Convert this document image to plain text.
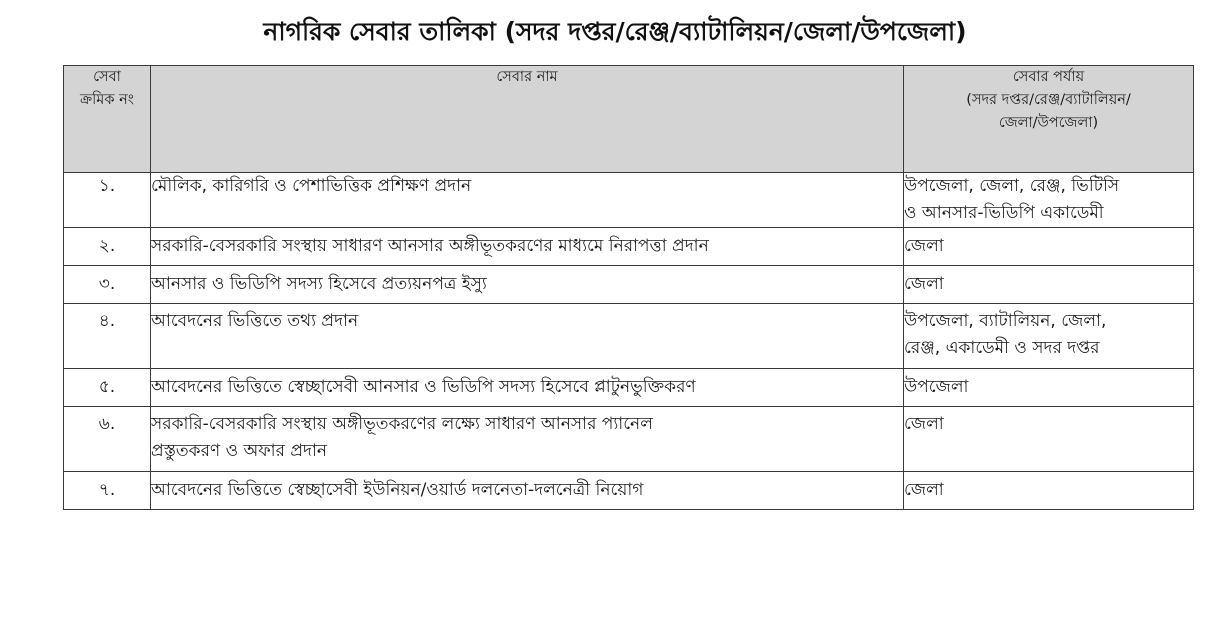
নাগরিক সেবার তালিকা (সদর দপ্তর/রেঞ্জ/ব্যাটালিয়ন/জেলা/উপজেলা)
সেবা
ক্রমিক নং	সেবার নাম	সেবার পর্যায়
(সদর দপ্তর/রেঞ্জ/ব্যাটালিয়ন/
জেলা/উপজেলা)

১.	মৌলিক, কারিগরি ও পেশাভিত্তিক প্রশিক্ষণ প্রদান	উপজেলা, জেলা, রেঞ্জ, ভিটিসি
ও আনসার-ভিডিপি একাডেমী

২.	সরকারি-বেসরকারি সংস্থায় সাধারণ আনসার অঙ্গীভূতকরণের মাধ্যমে নিরাপত্তা প্রদান	জেলা

৩.	আনসার ও ভিডিপি সদস্য হিসেবে প্রত্যয়নপত্র ইস্যু	জেলা

৪.	আবেদনের ভিত্তিতে তথ্য প্রদান	উপজেলা, ব্যাটালিয়ন, জেলা,
রেঞ্জ, একাডেমী ও সদর দপ্তর

৫.	আবেদনের ভিত্তিতে স্বেচ্ছাসেবী আনসার ও ভিডিপি সদস্য হিসেবে প্লাটুনভুক্তিকরণ	উপজেলা

৬.	সরকারি-বেসরকারি সংস্থায় অঙ্গীভূতকরণের লক্ষ্যে সাধারণ আনসার প্যানেল
প্রস্তুতকরণ ও অফার প্রদান	জেলা

৭.	আবেদনের ভিত্তিতে স্বেচ্ছাসেবী ইউনিয়ন/ওয়ার্ড দলনেতা-দলনেত্রী নিয়োগ	জেলা
